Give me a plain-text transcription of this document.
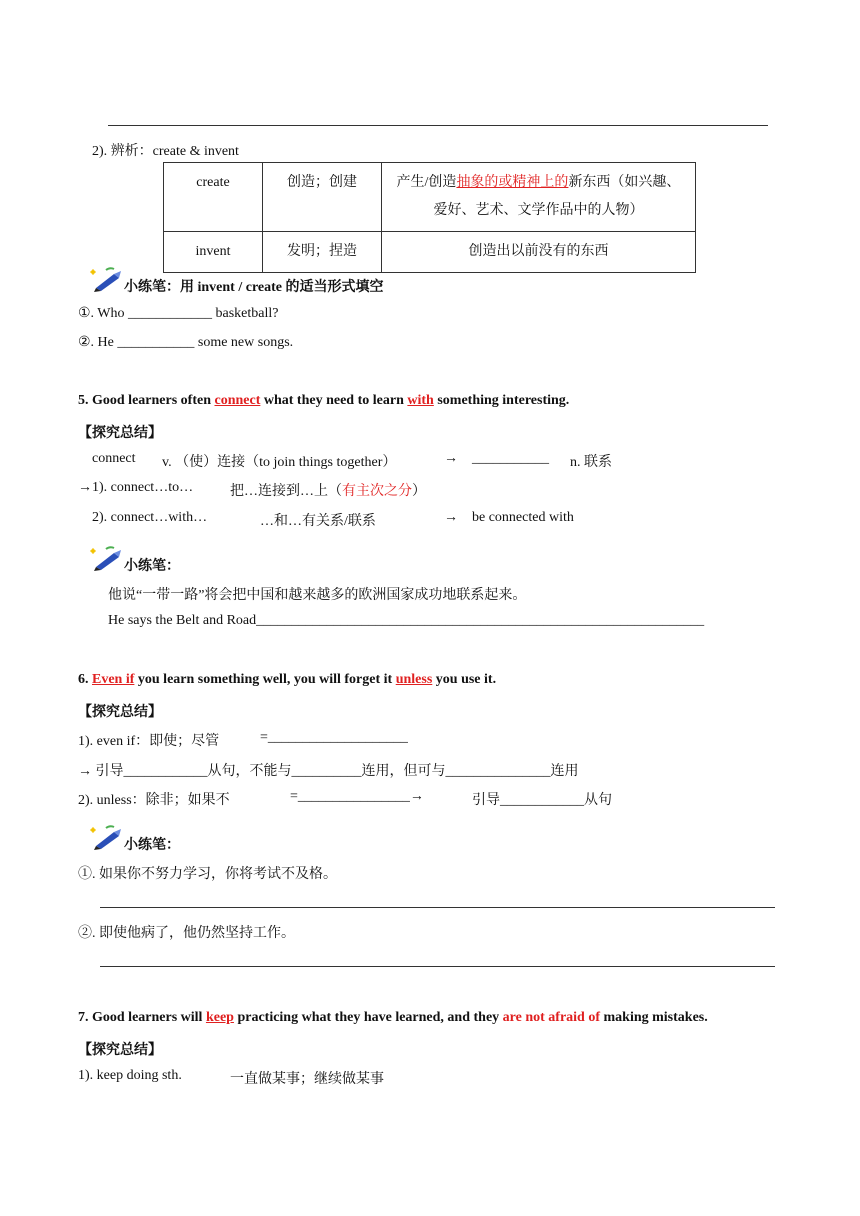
2). 辨析：create & invent
create	创造；创建	产生/创造抽象的或精神上的新东西（如兴趣、爱好、艺术、文学作品中的人物）
invent	发明；捏造	创造出以前没有的东西
小练笔：用 invent / create 的适当形式填空
①. Who ____________ basketball?
②. He ___________ some new songs.
5. Good learners often connect what they need to learn with something interesting.
【探究总结】
connect v. （使）连接（to join things together）	→ ___________ n. 联系
→1). connect…to…	把…连接到…上（有主次之分）
2). connect…with…	…和…有关系/联系	→ be connected with
小练笔：
他说“一带一路”将会把中国和越来越多的欧洲国家成功地联系起来。
He says the Belt and Road________________________________________________________________
6. Even if you learn something well, you will forget it unless you use it.
【探究总结】
1). even if：即使；尽管	=____________________
→ 引导____________从句，不能与__________连用，但可与_______________连用
2). unless：除非；如果不	=________________→	引导____________从句
小练笔：
①. 如果你不努力学习，你将考试不及格。
②. 即使他病了，他仍然坚持工作。
7. Good learners will keep practicing what they have learned, and they are not afraid of making mistakes.
【探究总结】
1). keep doing sth.	一直做某事；继续做某事
